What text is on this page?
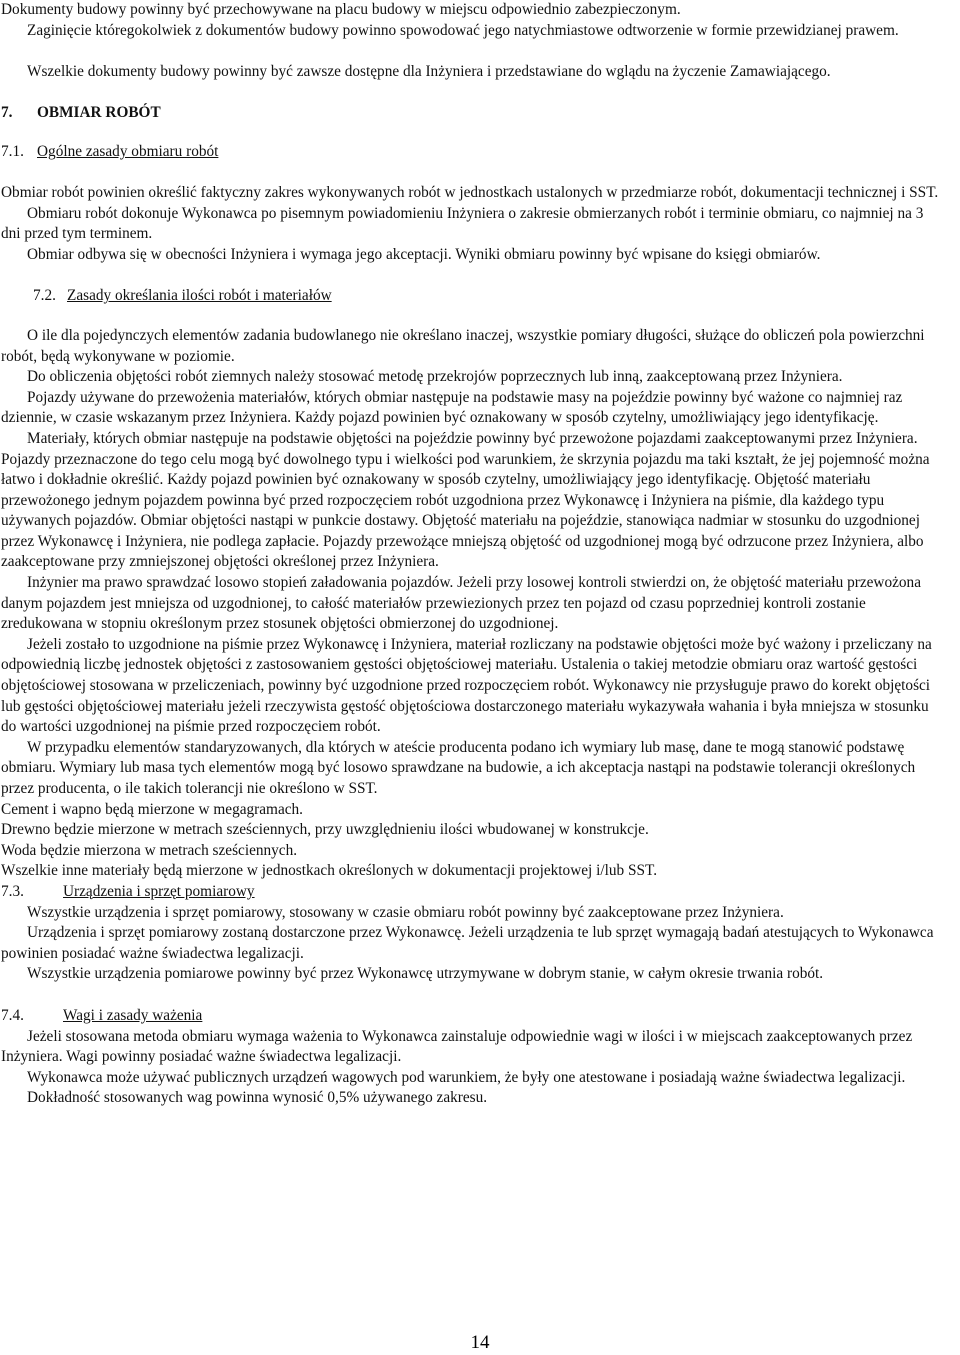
Dokumenty budowy powinny być przechowywane na placu budowy w miejscu odpowiednio zabezpieczonym.

Zaginięcie któregokolwiek z dokumentów budowy powinno spowodować jego natychmiastowe odtworzenie w formie przewidzianej prawem.

Wszelkie dokumenty budowy powinny być zawsze dostępne dla Inżyniera i przedstawiane do wglądu na życzenie Zamawiającego.

7. OBMIAR ROBÓT

7.1. Ogólne zasady obmiaru robót

Obmiar robót powinien określić faktyczny zakres wykonywanych robót w jednostkach ustalonych w przedmiarze robót, dokumentacji technicznej i SST.

Obmiaru robót dokonuje Wykonawca po pisemnym powiadomieniu Inżyniera o zakresie obmierzanych robót i terminie obmiaru, co najmniej na 3 dni przed tym terminem.

Obmiar odbywa się w obecności Inżyniera i wymaga jego akceptacji. Wyniki obmiaru powinny być wpisane do księgi obmiarów.

7.2. Zasady określania ilości robót i materiałów

O ile dla pojedynczych elementów zadania budowlanego nie określano inaczej, wszystkie pomiary długości, służące do obliczeń pola powierzchni robót, będą wykonywane w poziomie.

Do obliczenia objętości robót ziemnych należy stosować metodę przekrojów poprzecznych lub inną, zaakceptowaną przez Inżyniera.

Pojazdy używane do przewożenia materiałów, których obmiar następuje na podstawie masy na pojeździe powinny być ważone co najmniej raz dziennie, w czasie wskazanym przez Inżyniera. Każdy pojazd powinien być oznakowany w sposób czytelny, umożliwiający jego identyfikację.

Materiały, których obmiar następuje na podstawie objętości na pojeździe powinny być przewożone pojazdami zaakceptowanymi przez Inżyniera. Pojazdy przeznaczone do tego celu mogą być dowolnego typu i wielkości pod warunkiem, że skrzynia pojazdu ma taki kształt, że jej pojemność można łatwo i dokładnie określić. Każdy pojazd powinien być oznakowany w sposób czytelny, umożliwiający jego identyfikację. Objętość materiału przewożonego jednym pojazdem powinna być przed rozpoczęciem robót uzgodniona przez Wykonawcę i Inżyniera na piśmie, dla każdego typu używanych pojazdów. Obmiar objętości nastąpi w punkcie dostawy. Objętość materiału na pojeździe, stanowiąca nadmiar w stosunku do uzgodnionej przez Wykonawcę i Inżyniera, nie podlega zapłacie. Pojazdy przewożące mniejszą objętość od uzgodnionej mogą być odrzucone przez Inżyniera, albo zaakceptowane przy zmniejszonej objętości określonej przez Inżyniera.

Inżynier ma prawo sprawdzać losowo stopień załadowania pojazdów. Jeżeli przy losowej kontroli stwierdzi on, że objętość materiału przewożona danym pojazdem jest mniejsza od uzgodnionej, to całość materiałów przewiezionych przez ten pojazd od czasu poprzedniej kontroli zostanie zredukowana w stopniu określonym przez stosunek objętości obmierzonej do uzgodnionej.

Jeżeli zostało to uzgodnione na piśmie przez Wykonawcę i Inżyniera, materiał rozliczany na podstawie objętości może być ważony i przeliczany na odpowiednią liczbę jednostek objętości z zastosowaniem gęstości objętościowej materiału. Ustalenia o takiej metodzie obmiaru oraz wartość gęstości objętościowej stosowana w przeliczeniach, powinny być uzgodnione przed rozpoczęciem robót. Wykonawcy nie przysługuje prawo do korekt objętości lub gęstości objętościowej materiału jeżeli rzeczywista gęstość objętościowa dostarczonego materiału wykazywała wahania i była mniejsza w stosunku do wartości uzgodnionej na piśmie przed rozpoczęciem robót.

W przypadku elementów standaryzowanych, dla których w ateście producenta podano ich wymiary lub masę, dane te mogą stanowić podstawę obmiaru. Wymiary lub masa tych elementów mogą być losowo sprawdzane na budowie, a ich akceptacja nastąpi na podstawie tolerancji określonych przez producenta, o ile takich tolerancji nie określono w SST.

Cement i wapno będą mierzone w megagramach.

Drewno będzie mierzone w metrach sześciennych, przy uwzględnieniu ilości wbudowanej w konstrukcje.

Woda będzie mierzona w metrach sześciennych.

Wszelkie inne materiały będą mierzone w jednostkach określonych w dokumentacji projektowej i/lub SST.

7.3.	Urządzenia i sprzęt pomiarowy

Wszystkie urządzenia i sprzęt pomiarowy, stosowany w czasie obmiaru robót powinny być zaakceptowane przez Inżyniera.

Urządzenia i sprzęt pomiarowy zostaną dostarczone przez Wykonawcę. Jeżeli urządzenia te lub sprzęt wymagają badań atestujących to Wykonawca powinien posiadać ważne świadectwa legalizacji.

Wszystkie urządzenia pomiarowe powinny być przez Wykonawcę utrzymywane w dobrym stanie, w całym okresie trwania robót.

7.4.	Wagi i zasady ważenia

Jeżeli stosowana metoda obmiaru wymaga ważenia to Wykonawca zainstaluje odpowiednie wagi w ilości i w miejscach zaakceptowanych przez Inżyniera. Wagi powinny posiadać ważne świadectwa legalizacji.

Wykonawca może używać publicznych urządzeń wagowych pod warunkiem, że były one atestowane i posiadają ważne świadectwa legalizacji.

Dokładność stosowanych wag powinna wynosić 0,5% używanego zakresu.

14
